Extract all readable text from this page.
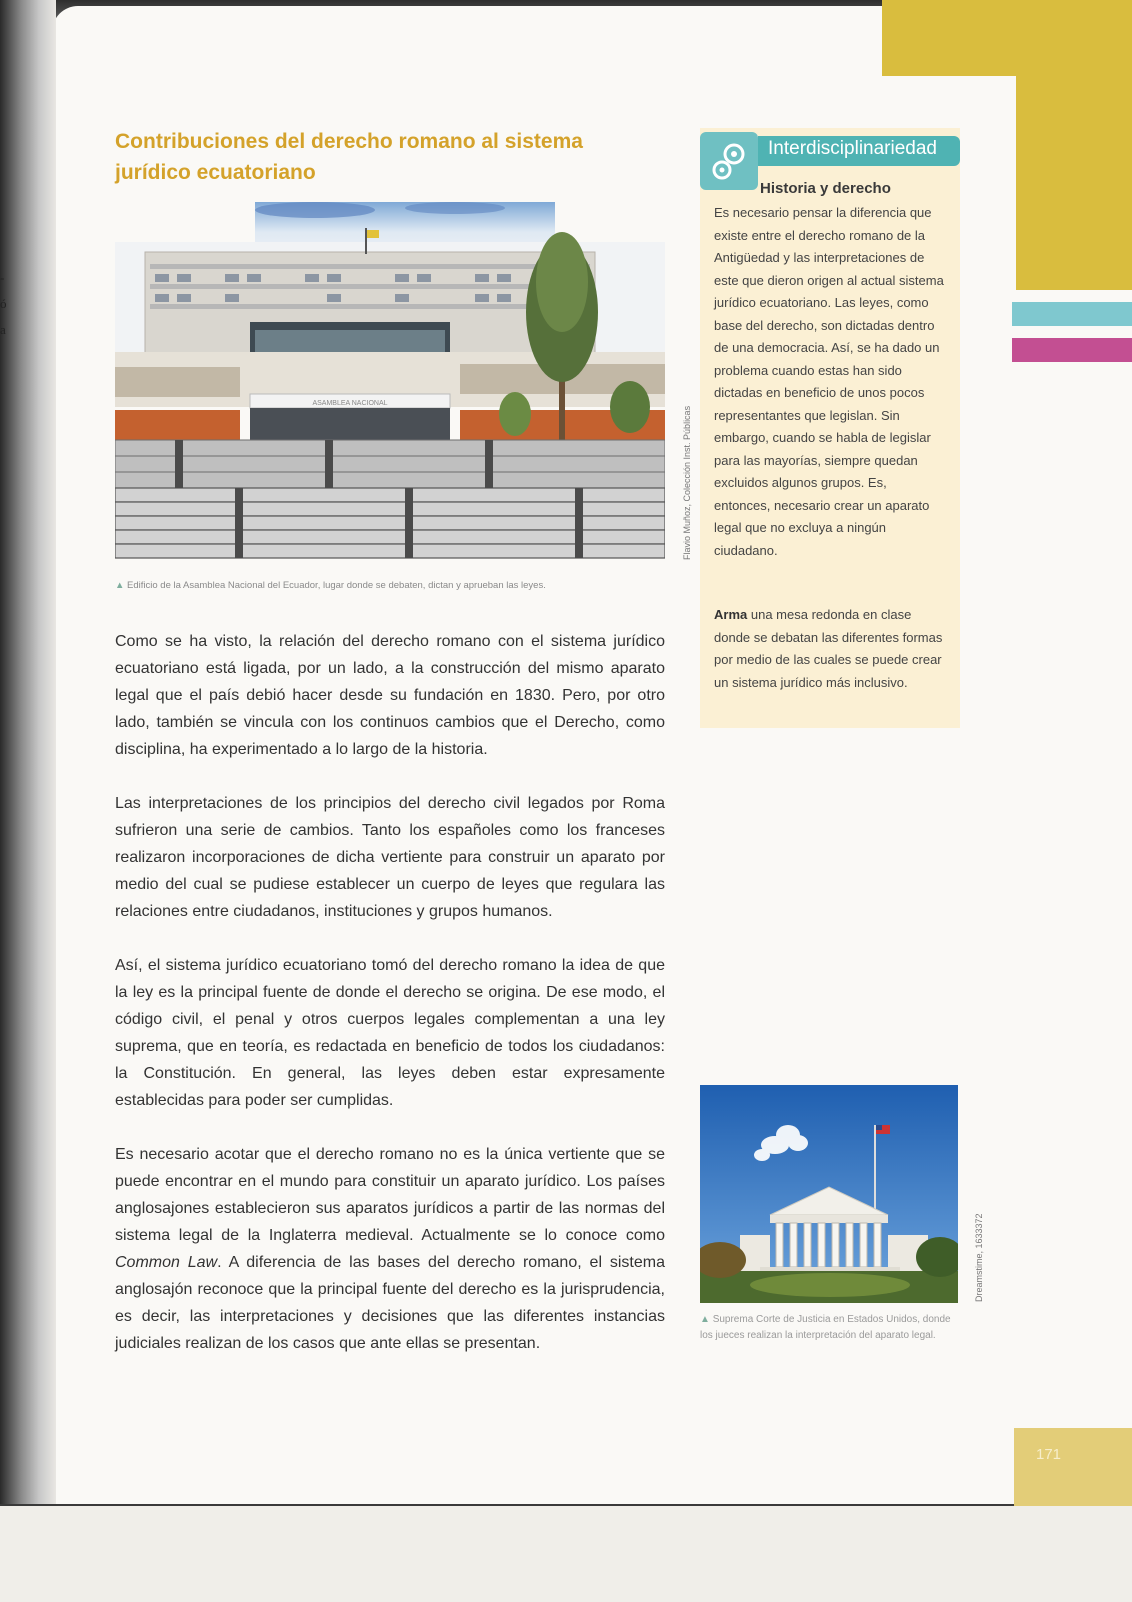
-
ó
a
171
Contribuciones del derecho romano al sistema jurídico ecuatoriano
ASAMBLEA NACIONAL
Flavio Muñoz, Colección Inst. Públicas
▲ Edificio de la Asamblea Nacional del Ecuador, lugar donde se debaten, dictan y aprueban las leyes.

Como se ha visto, la relación del derecho romano con el sistema jurídico ecuatoriano está ligada, por un lado, a la construcción del mismo aparato legal que el país debió hacer desde su fundación en 1830. Pero, por otro lado, también se vincula con los continuos cambios que el Derecho, como disciplina, ha experimentado a lo largo de la historia.

Las interpretaciones de los principios del derecho civil legados por Roma sufrieron una serie de cambios. Tanto los españoles como los franceses realizaron incorporaciones de dicha vertiente para construir un aparato por medio del cual se pudiese establecer un cuerpo de leyes que regulara las relaciones entre ciudadanos, instituciones y grupos humanos.

Así, el sistema jurídico ecuatoriano tomó del derecho romano la idea de que la ley es la principal fuente de donde el derecho se origina. De ese modo, el código civil, el penal y otros cuerpos legales complementan a una ley suprema, que en teoría, es redactada en beneficio de todos los ciudadanos: la Constitución. En general, las leyes deben estar expresamente establecidas para poder ser cumplidas.

Es necesario acotar que el derecho romano no es la única vertiente que se puede encontrar en el mundo para constituir un aparato jurídico. Los países anglosajones establecieron sus aparatos jurídicos a partir de las normas del sistema legal de la Inglaterra medieval. Actualmente se lo conoce como Common Law. A diferencia de las bases del derecho romano, el sistema anglosajón reconoce que la principal fuente del derecho es la jurisprudencia, es decir, las interpretaciones y decisiones que las diferentes instancias judiciales realizan de los casos que ante ellas se presentan.

Interdisciplinariedad
Historia y derecho

Es necesario pensar la diferencia que existe entre el derecho romano de la Antigüedad y las interpretaciones de este que dieron origen al actual sistema jurídico ecuatoriano. Las leyes, como base del derecho, son dictadas dentro de una democracia. Así, se ha dado un problema cuando estas han sido dictadas en beneficio de unos pocos representantes que legislan. Sin embargo, cuando se habla de legislar para las mayorías, siempre quedan excluidos algunos grupos. Es, entonces, necesario crear un aparato legal que no excluya a ningún ciudadano.

Arma una mesa redonda en clase donde se debatan las diferentes formas por medio de las cuales se puede crear un sistema jurídico más inclusivo.

Dreamstime, 1633372

▲ Suprema Corte de Justicia en Estados Unidos, donde los jueces realizan la interpretación del aparato legal.
